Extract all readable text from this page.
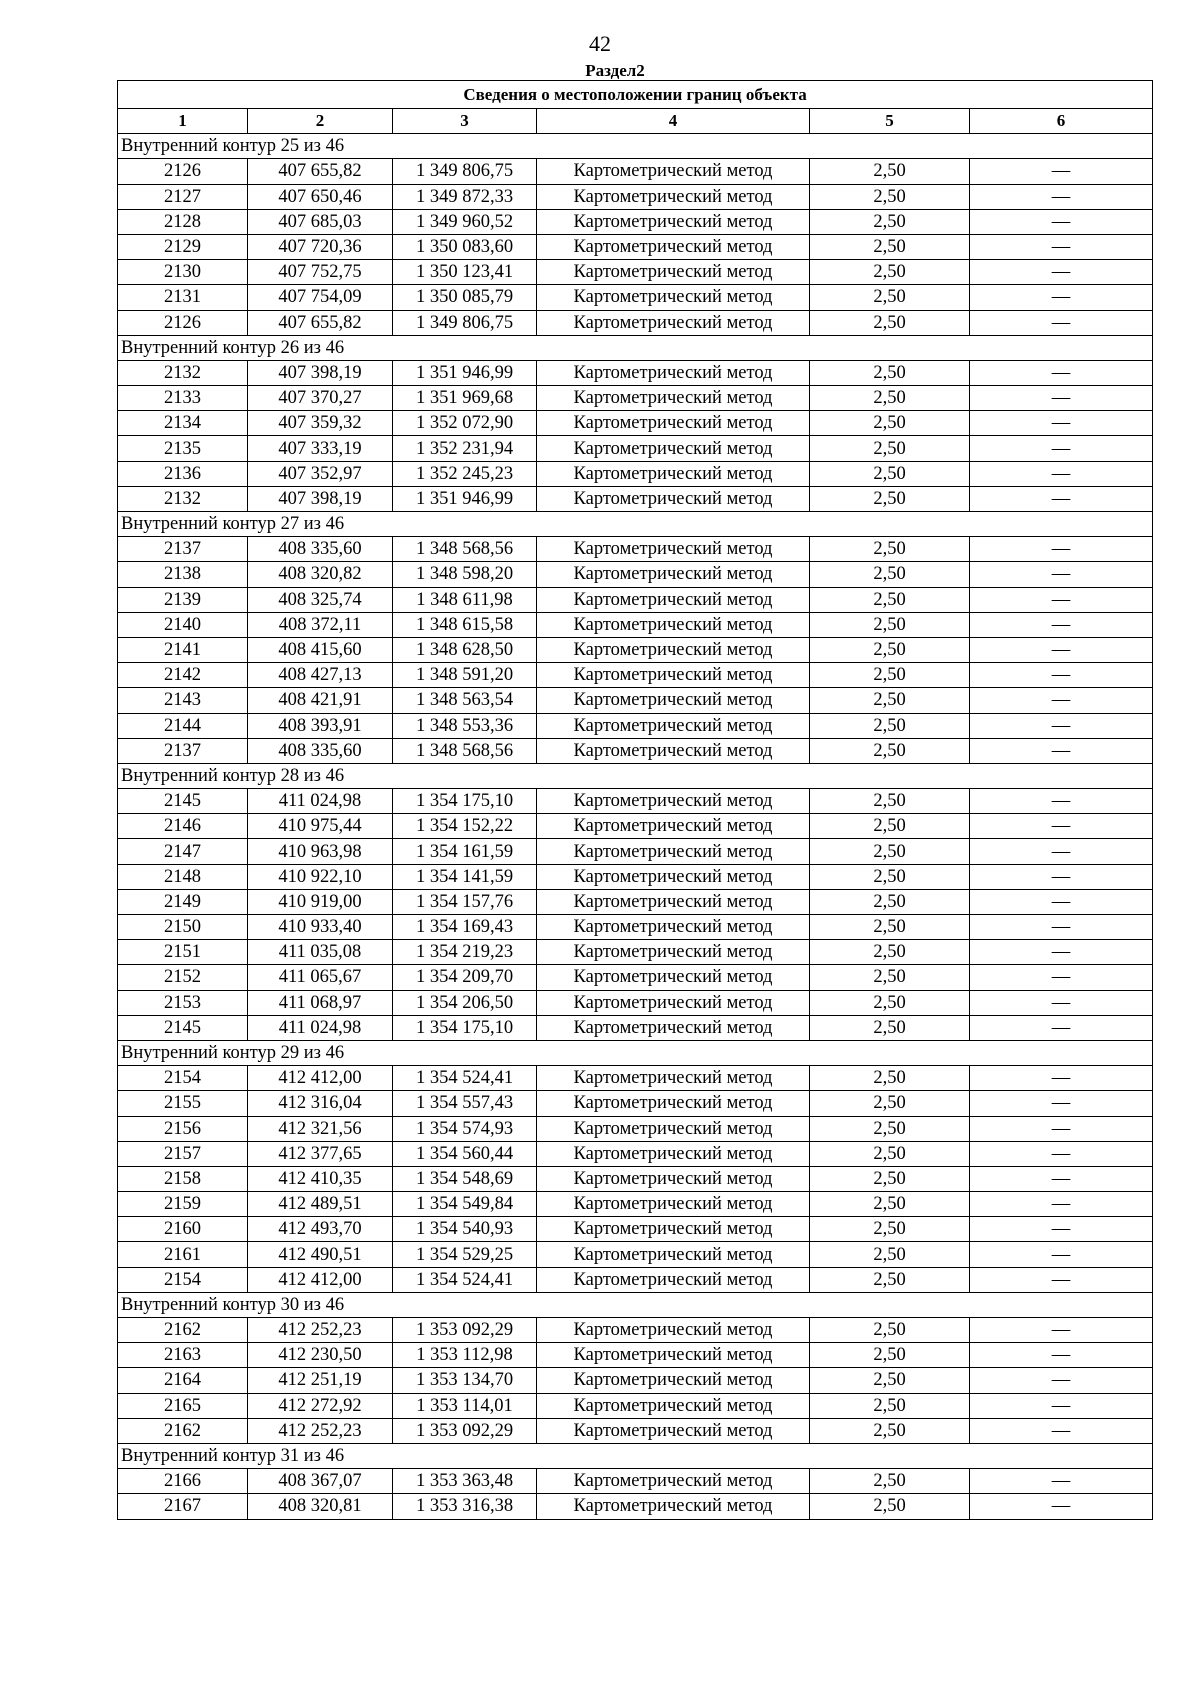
42
Раздел2
Сведения о местоположении границ объекта					
1	2	3	4	5	6
Внутренний контур 25 из 46					
2126	407 655,82	1 349 806,75	Картометрический метод	2,50	—
2127	407 650,46	1 349 872,33	Картометрический метод	2,50	—
2128	407 685,03	1 349 960,52	Картометрический метод	2,50	—
2129	407 720,36	1 350 083,60	Картометрический метод	2,50	—
2130	407 752,75	1 350 123,41	Картометрический метод	2,50	—
2131	407 754,09	1 350 085,79	Картометрический метод	2,50	—
2126	407 655,82	1 349 806,75	Картометрический метод	2,50	—
Внутренний контур 26 из 46					
2132	407 398,19	1 351 946,99	Картометрический метод	2,50	—
2133	407 370,27	1 351 969,68	Картометрический метод	2,50	—
2134	407 359,32	1 352 072,90	Картометрический метод	2,50	—
2135	407 333,19	1 352 231,94	Картометрический метод	2,50	—
2136	407 352,97	1 352 245,23	Картометрический метод	2,50	—
2132	407 398,19	1 351 946,99	Картометрический метод	2,50	—
Внутренний контур 27 из 46					
2137	408 335,60	1 348 568,56	Картометрический метод	2,50	—
2138	408 320,82	1 348 598,20	Картометрический метод	2,50	—
2139	408 325,74	1 348 611,98	Картометрический метод	2,50	—
2140	408 372,11	1 348 615,58	Картометрический метод	2,50	—
2141	408 415,60	1 348 628,50	Картометрический метод	2,50	—
2142	408 427,13	1 348 591,20	Картометрический метод	2,50	—
2143	408 421,91	1 348 563,54	Картометрический метод	2,50	—
2144	408 393,91	1 348 553,36	Картометрический метод	2,50	—
2137	408 335,60	1 348 568,56	Картометрический метод	2,50	—
Внутренний контур 28 из 46					
2145	411 024,98	1 354 175,10	Картометрический метод	2,50	—
2146	410 975,44	1 354 152,22	Картометрический метод	2,50	—
2147	410 963,98	1 354 161,59	Картометрический метод	2,50	—
2148	410 922,10	1 354 141,59	Картометрический метод	2,50	—
2149	410 919,00	1 354 157,76	Картометрический метод	2,50	—
2150	410 933,40	1 354 169,43	Картометрический метод	2,50	—
2151	411 035,08	1 354 219,23	Картометрический метод	2,50	—
2152	411 065,67	1 354 209,70	Картометрический метод	2,50	—
2153	411 068,97	1 354 206,50	Картометрический метод	2,50	—
2145	411 024,98	1 354 175,10	Картометрический метод	2,50	—
Внутренний контур 29 из 46					
2154	412 412,00	1 354 524,41	Картометрический метод	2,50	—
2155	412 316,04	1 354 557,43	Картометрический метод	2,50	—
2156	412 321,56	1 354 574,93	Картометрический метод	2,50	—
2157	412 377,65	1 354 560,44	Картометрический метод	2,50	—
2158	412 410,35	1 354 548,69	Картометрический метод	2,50	—
2159	412 489,51	1 354 549,84	Картометрический метод	2,50	—
2160	412 493,70	1 354 540,93	Картометрический метод	2,50	—
2161	412 490,51	1 354 529,25	Картометрический метод	2,50	—
2154	412 412,00	1 354 524,41	Картометрический метод	2,50	—
Внутренний контур 30 из 46					
2162	412 252,23	1 353 092,29	Картометрический метод	2,50	—
2163	412 230,50	1 353 112,98	Картометрический метод	2,50	—
2164	412 251,19	1 353 134,70	Картометрический метод	2,50	—
2165	412 272,92	1 353 114,01	Картометрический метод	2,50	—
2162	412 252,23	1 353 092,29	Картометрический метод	2,50	—
Внутренний контур 31 из 46					
2166	408 367,07	1 353 363,48	Картометрический метод	2,50	—
2167	408 320,81	1 353 316,38	Картометрический метод	2,50	—
